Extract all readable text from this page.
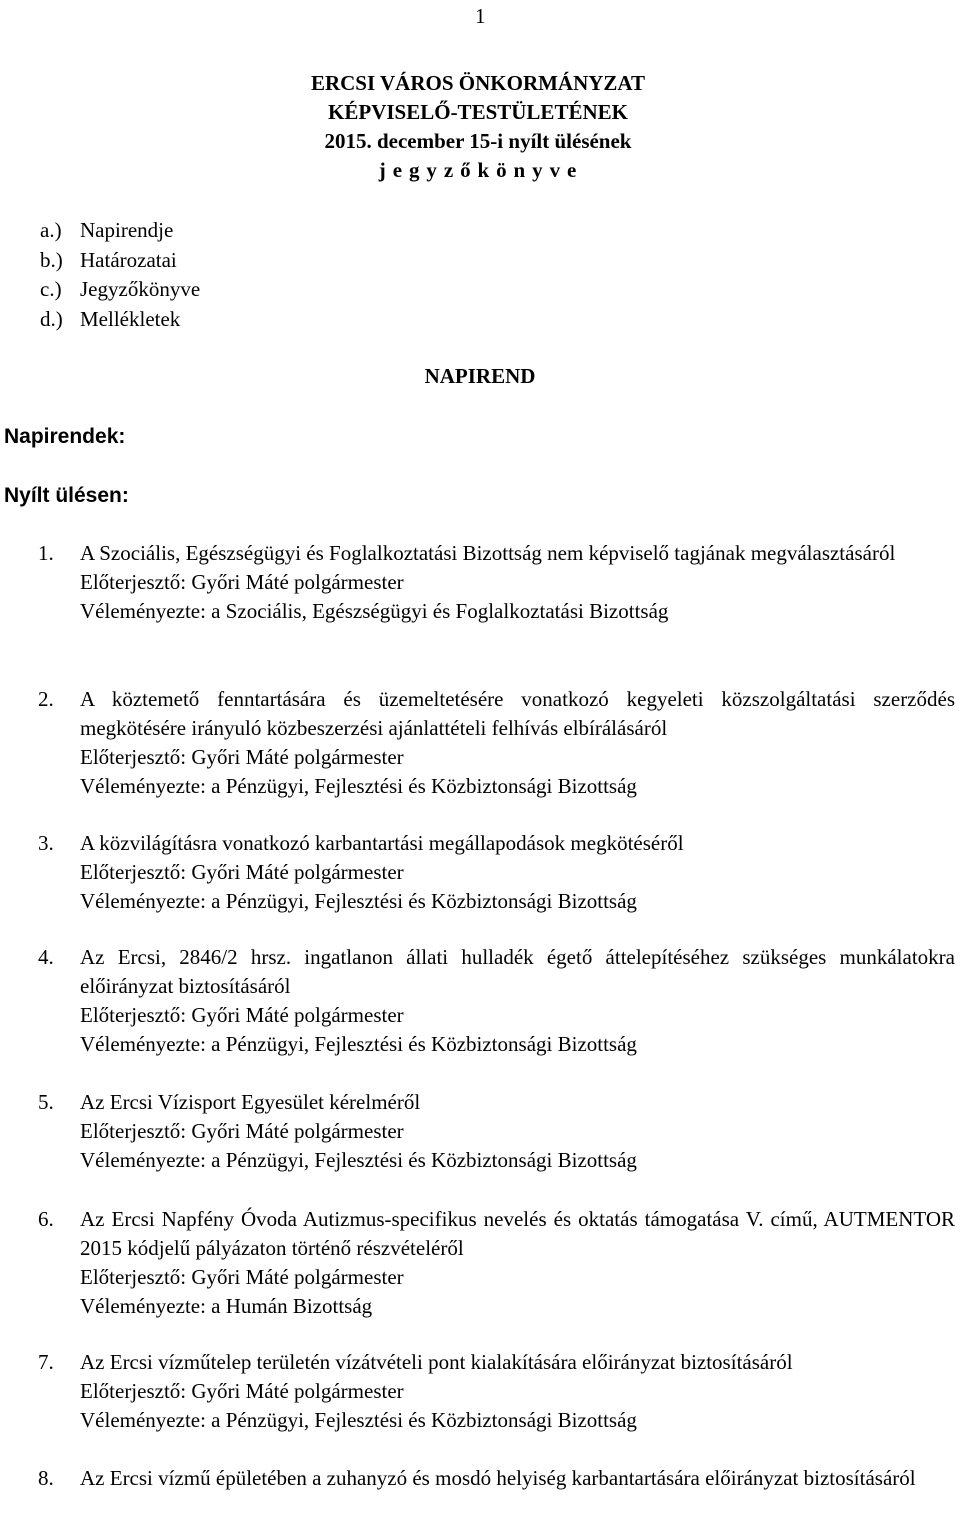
1
ERCSI VÁROS ÖNKORMÁNYZAT
KÉPVISELŐ-TESTÜLETÉNEK
2015. december 15-i nyílt ülésének
j e g y z ő k ö n y v e
a.) Napirendje
b.) Határozatai
c.) Jegyzőkönyve
d.) Mellékletek
NAPIREND
Napirendek:
Nyílt ülésen:
1. A Szociális, Egészségügyi és Foglalkoztatási Bizottság nem képviselő tagjának megválasztásáról
Előterjesztő: Győri Máté polgármester
Véleményezte: a Szociális, Egészségügyi és Foglalkoztatási Bizottság
2. A köztemető fenntartására és üzemeltetésére vonatkozó kegyeleti közszolgáltatási szerződés megkötésére irányuló közbeszerzési ajánlattételi felhívás elbírálásáról
Előterjesztő: Győri Máté polgármester
Véleményezte: a Pénzügyi, Fejlesztési és Közbiztonsági Bizottság
3. A közvilágításra vonatkozó karbantartási megállapodások megkötéséről
Előterjesztő: Győri Máté polgármester
Véleményezte: a Pénzügyi, Fejlesztési és Közbiztonsági Bizottság
4. Az Ercsi, 2846/2 hrsz. ingatlanon állati hulladék égető áttelepítéséhez szükséges munkálatokra előirányzat biztosításáról
Előterjesztő: Győri Máté polgármester
Véleményezte: a Pénzügyi, Fejlesztési és Közbiztonsági Bizottság
5. Az Ercsi Vízisport Egyesület kérelméről
Előterjesztő: Győri Máté polgármester
Véleményezte: a Pénzügyi, Fejlesztési és Közbiztonsági Bizottság
6. Az Ercsi Napfény Óvoda Autizmus-specifikus nevelés és oktatás támogatása V. című, AUTMENTOR 2015 kódjelű pályázaton történő részvételéről
Előterjesztő: Győri Máté polgármester
Véleményezte: a Humán Bizottság
7. Az Ercsi vízműtelep területén vízátvételi pont kialakítására előirányzat biztosításáról
Előterjesztő: Győri Máté polgármester
Véleményezte: a Pénzügyi, Fejlesztési és Közbiztonsági Bizottság
8. Az Ercsi vízmű épületében a zuhanyzó és mosdó helyiség karbantartására előirányzat biztosításáról
